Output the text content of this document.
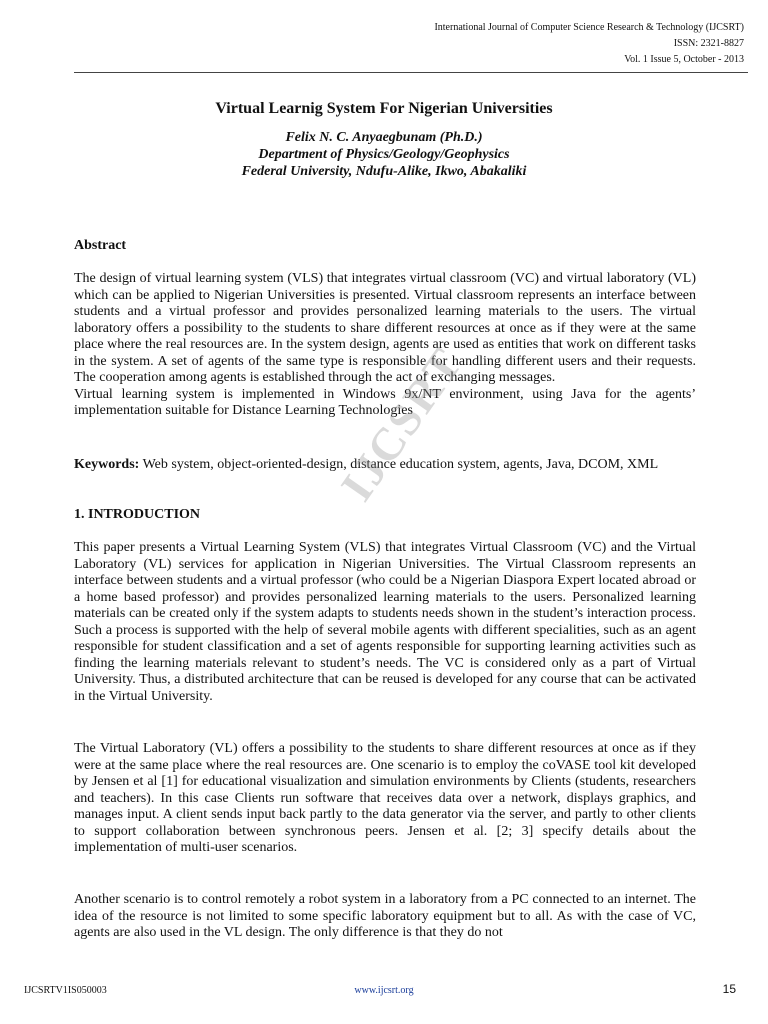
International Journal of Computer Science Research & Technology (IJCSRT)
ISSN: 2321-8827
Vol. 1 Issue 5, October - 2013
Virtual Learnig System For Nigerian Universities
Felix N. C. Anyaegbunam (Ph.D.)
Department of Physics/Geology/Geophysics
Federal University, Ndufu-Alike, Ikwo, Abakaliki
Abstract

The design of virtual learning system (VLS) that integrates virtual classroom (VC) and virtual laboratory (VL) which can be applied to Nigerian Universities is presented. Virtual classroom represents an interface between students and a virtual professor and provides personalized learning materials to the users. The virtual laboratory offers a possibility to the students to share different resources at once as if they were at the same place where the real resources are. In the system design, agents are used as entities that work on different tasks in the system. A set of agents of the same type is responsible for handling different users and their requests. The cooperation among agents is established through the act of exchanging messages.

Virtual learning system is implemented in Windows 9x/NT environment, using Java for the agents’ implementation suitable for Distance Learning Technologies

Keywords: Web system, object-oriented-design, distance education system, agents, Java, DCOM, XML

1. INTRODUCTION
This paper presents a Virtual Learning System (VLS) that integrates Virtual Classroom (VC) and the Virtual Laboratory (VL) services for application in Nigerian Universities. The Virtual Classroom represents an interface between students and a virtual professor (who could be a Nigerian Diaspora Expert located abroad or a home based professor) and provides personalized learning materials to the users. Personalized learning materials can be created only if the system adapts to students needs shown in the student’s interaction process. Such a process is supported with the help of several mobile agents with different specialities, such as an agent responsible for student classification and a set of agents responsible for supporting learning activities such as finding the learning materials relevant to student’s needs. The VC is considered only as a part of Virtual University. Thus, a distributed architecture that can be reused is developed for any course that can be activated in the Virtual University.
The Virtual Laboratory (VL) offers a possibility to the students to share different resources at once as if they were at the same place where the real resources are. One scenario is to employ the coVASE tool kit developed by Jensen et al [1] for educational visualization and simulation environments by Clients (students, researchers and teachers). In this case Clients run software that receives data over a network, displays graphics, and manages input. A client sends input back partly to the data generator via the server, and partly to other clients to support collaboration between synchronous peers. Jensen et al. [2; 3] specify details about the implementation of multi-user scenarios.
Another scenario is to control remotely a robot system in a laboratory from a PC connected to an internet. The idea of the resource is not limited to some specific laboratory equipment but to all. As with the case of VC, agents are also used in the VL design. The only difference is that they do not
IJCSRT
IJCSRTV1IS050003	www.ijcsrt.org	15
